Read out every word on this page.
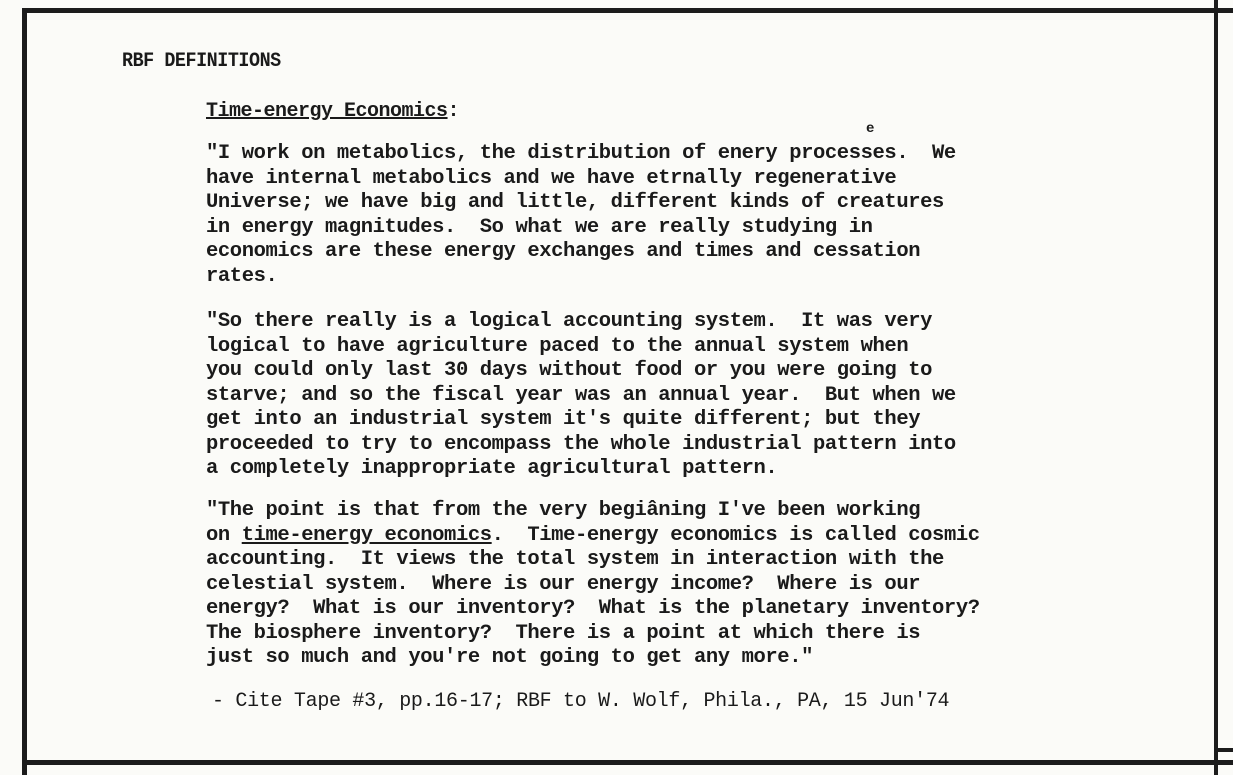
RBF DEFINITIONS
Time-energy Economics:
e

"I work on metabolics, the distribution of enery processes.  We
have internal metabolics and we have etrnally regenerative
Universe; we have big and little, different kinds of creatures
in energy magnitudes.  So what we are really studying in
economics are these energy exchanges and times and cessation
rates.

"So there really is a logical accounting system.  It was very
logical to have agriculture paced to the annual system when
you could only last 30 days without food or you were going to
starve; and so the fiscal year was an annual year.  But when we
get into an industrial system it's quite different; but they
proceeded to try to encompass the whole industrial pattern into
a completely inappropriate agricultural pattern.

"The point is that from the very begiâning I've been working
on time-energy economics.  Time-energy economics is called cosmic
accounting.  It views the total system in interaction with the
celestial system.  Where is our energy income?  Where is our
energy?  What is our inventory?  What is the planetary inventory?
The biosphere inventory?  There is a point at which there is
just so much and you're not going to get any more."

- Cite Tape #3, pp.16-17; RBF to W. Wolf, Phila., PA, 15 Jun'74
